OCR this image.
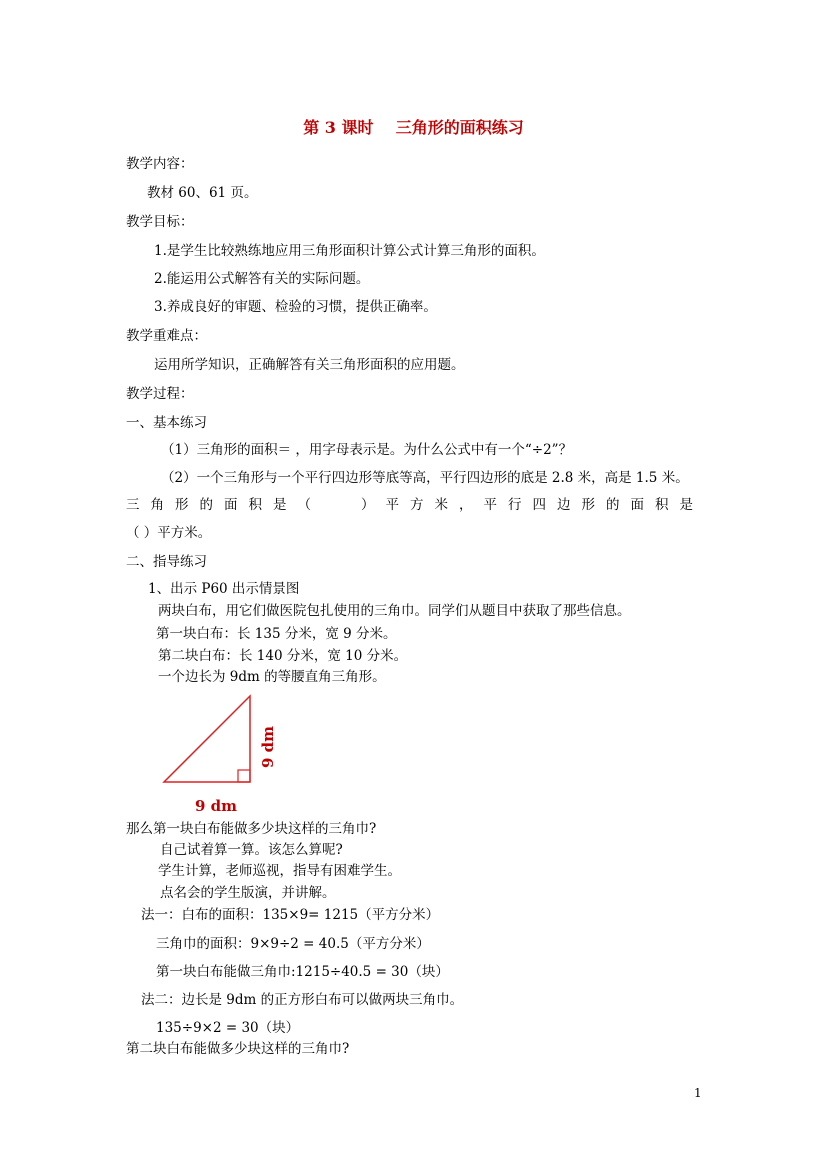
第 3 课时    三角形的面积练习
教学内容：
教材 60、61 页。
教学目标：
1.是学生比较熟练地应用三角形面积计算公式计算三角形的面积。
2.能运用公式解答有关的实际问题。
3.养成良好的审题、检验的习惯，提供正确率。
教学重难点：
运用所学知识，正确解答有关三角形面积的应用题。
教学过程：
一、基本练习
（1）三角形的面积＝ ，用字母表示是。为什么公式中有一个“÷2”？
（2）一个三角形与一个平行四边形等底等高，平行四边形的底是 2.8 米，高是 1.5 米。
三角形的面积是（	）平方米，平行四边形的面积是
（ ）平方米。
二、指导练习
1、出示 P60 出示情景图
两块白布，用它们做医院包扎使用的三角巾。同学们从题目中获取了那些信息。
第一块白布：长 135 分米，宽 9 分米。
第二块白布：长 140 分米，宽 10 分米。
一个边长为 9dm 的等腰直角三角形。
9 dm
9 dm
那么第一块白布能做多少块这样的三角巾?
自己试着算一算。该怎么算呢?
学生计算，老师巡视，指导有困难学生。
点名会的学生版演，并讲解。
法一：白布的面积：135×9= 1215（平方分米）
三角巾的面积：9×9÷2 = 40.5（平方分米）
第一块白布能做三角巾:1215÷40.5 = 30（块）
法二：边长是 9dm 的正方形白布可以做两块三角巾。
135÷9×2 = 30（块）
第二块白布能做多少块这样的三角巾?
1
